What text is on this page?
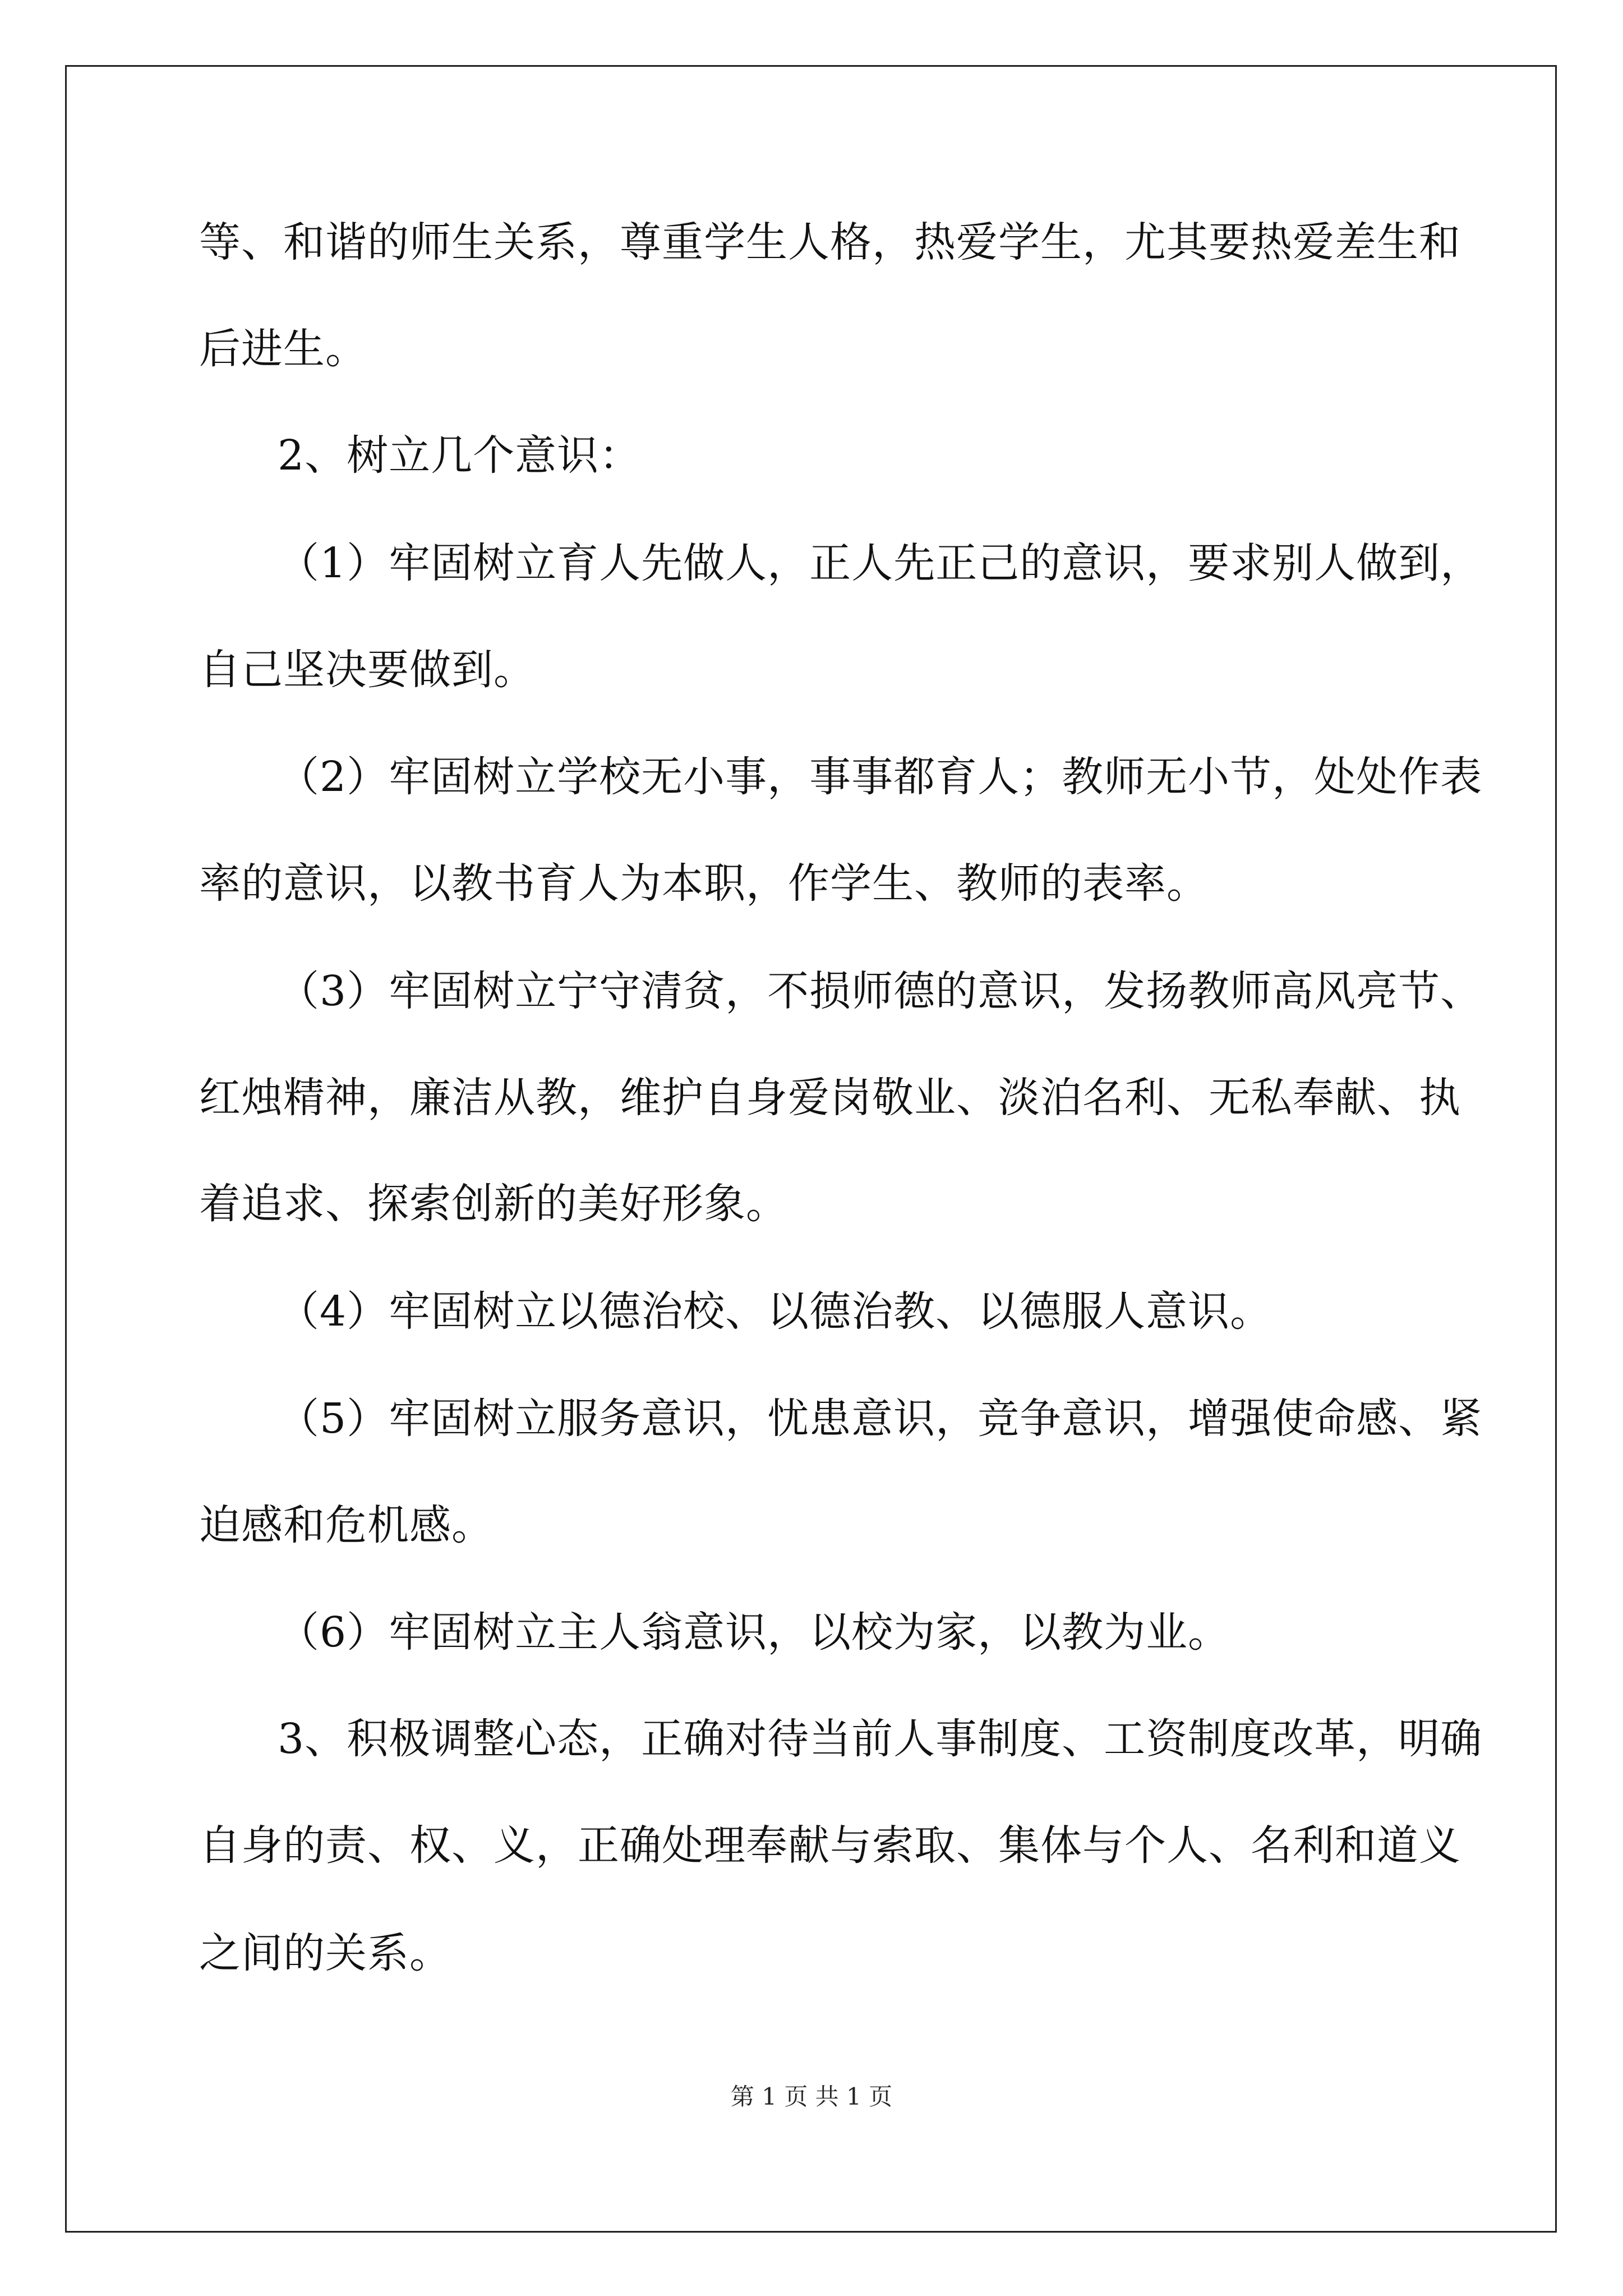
等、和谐的师生关系，尊重学生人格，热爱学生，尤其要热爱差生和
后进生。
2、树立几个意识：
（1）牢固树立育人先做人，正人先正己的意识，要求别人做到，
自己坚决要做到。
（2）牢固树立学校无小事，事事都育人；教师无小节，处处作表
率的意识，以教书育人为本职，作学生、教师的表率。
（3）牢固树立宁守清贫，不损师德的意识，发扬教师高风亮节、
红烛精神，廉洁从教，维护自身爱岗敬业、淡泊名利、无私奉献、执
着追求、探索创新的美好形象。
（4）牢固树立以德治校、以德治教、以德服人意识。
（5）牢固树立服务意识，忧患意识，竞争意识，增强使命感、紧
迫感和危机感。
（6）牢固树立主人翁意识，以校为家，以教为业。
3、积极调整心态，正确对待当前人事制度、工资制度改革，明确
自身的责、权、义，正确处理奉献与索取、集体与个人、名利和道义
之间的关系。
第 1 页 共 1 页
